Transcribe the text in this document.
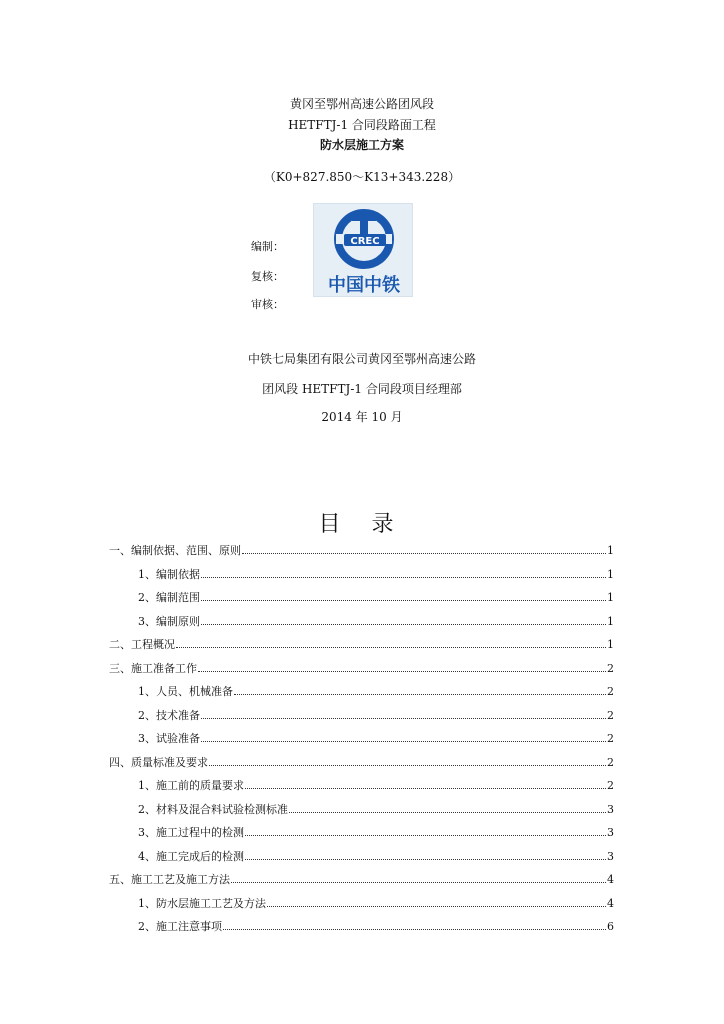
黄冈至鄂州高速公路团风段
HETFTJ-1 合同段路面工程
防水层施工方案
（K0+827.850～K13+343.228）
编制：
复核：
审核：
CREC
中国中铁
中铁七局集团有限公司黄冈至鄂州高速公路
团风段 HETFTJ-1 合同段项目经理部
2014 年 10 月
目 录
一、编制依据、范围、原则	1
1、编制依据	1
2、编制范围	1
3、编制原则	1
二、工程概况	1
三、施工准备工作	2
1、人员、机械准备	2
2、技术准备	2
3、试验准备	2
四、质量标准及要求	2
1、施工前的质量要求	2
2、材料及混合料试验检测标准	3
3、施工过程中的检测	3
4、施工完成后的检测	3
五、施工工艺及施工方法	4
1、防水层施工工艺及方法	4
2、施工注意事项	6
